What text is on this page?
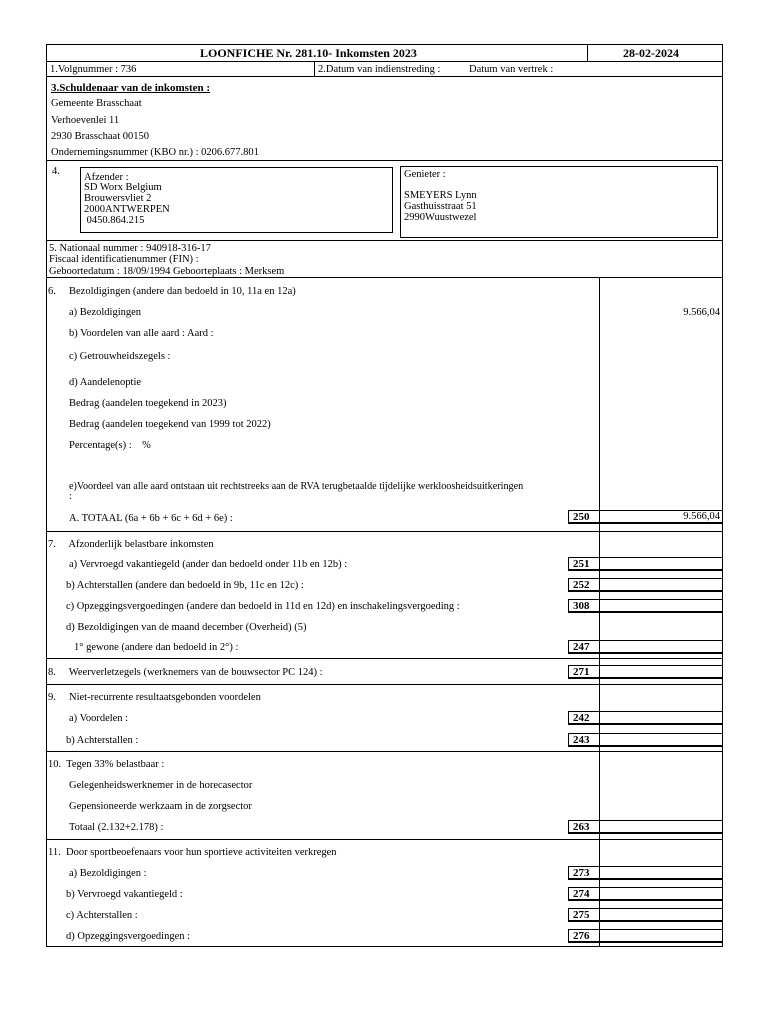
LOONFICHE Nr. 281.10- Inkomsten 2023	28-02-2024
1.Volgnummer : 736	2.Datum van indienstreding :	Datum van vertrek :
3.Schuldenaar van de inkomsten :
Gemeente Brasschaat
Verhoevenlei 11
2930 Brasschaat 00150
Ondernemingsnummer (KBO nr.) : 0206.677.801
4.
Afzender :
SD Worx Belgium
Brouwersvliet 2
2000ANTWERPEN
0450.864.215
Genieter :
SMEYERS Lynn
Gasthuisstraat 51
2990Wuustwezel
5. Nationaal nummer : 940918-316-17
Fiscaal identificatienummer (FIN) :
Geboortedatum : 18/09/1994 Geboorteplaats : Merksem
6.     Bezoldigingen (andere dan bedoeld in 10, 11a en 12a)
a) Bezoldigingen	9.566,04
b) Voordelen van alle aard : Aard :
c) Getrouwheidszegels :
d) Aandelenoptie
Bedrag (aandelen toegekend in 2023)
Bedrag (aandelen toegekend van 1999 tot 2022)
Percentage(s) :    %
e)Voordeel van alle aard ontstaan uit rechtstreeks aan de RVA terugbetaalde tijdelijke werkloosheidsuitkeringen
:
A. TOTAAL (6a + 6b + 6c + 6d + 6e) :	250	9.566,04
7.     Afzonderlijk belastbare inkomsten
a) Vervroegd vakantiegeld (ander dan bedoeld onder 11b en 12b) :	251
b) Achterstallen (andere dan bedoeld in 9b, 11c en 12c) :	252
c) Opzeggingsvergoedingen (andere dan bedoeld in 11d en 12d) en inschakelingsvergoeding :	308
d) Bezoldigingen van de maand december (Overheid) (5)
1° gewone (andere dan bedoeld in 2°) :	247
8.     Weerverletzegels (werknemers van de bouwsector PC 124) :	271
9.     Niet-recurrente resultaatsgebonden voordelen
a) Voordelen :	242
b) Achterstallen :	243
10.  Tegen 33% belastbaar :
Gelegenheidswerknemer in de horecasector
Gepensioneerde werkzaam in de zorgsector
Totaal (2.132+2.178) :	263
11.  Door sportbeoefenaars voor hun sportieve activiteiten verkregen
a) Bezoldigingen :	273
b) Vervroegd vakantiegeld :	274
c) Achterstallen :	275
d) Opzeggingsvergoedingen :	276
